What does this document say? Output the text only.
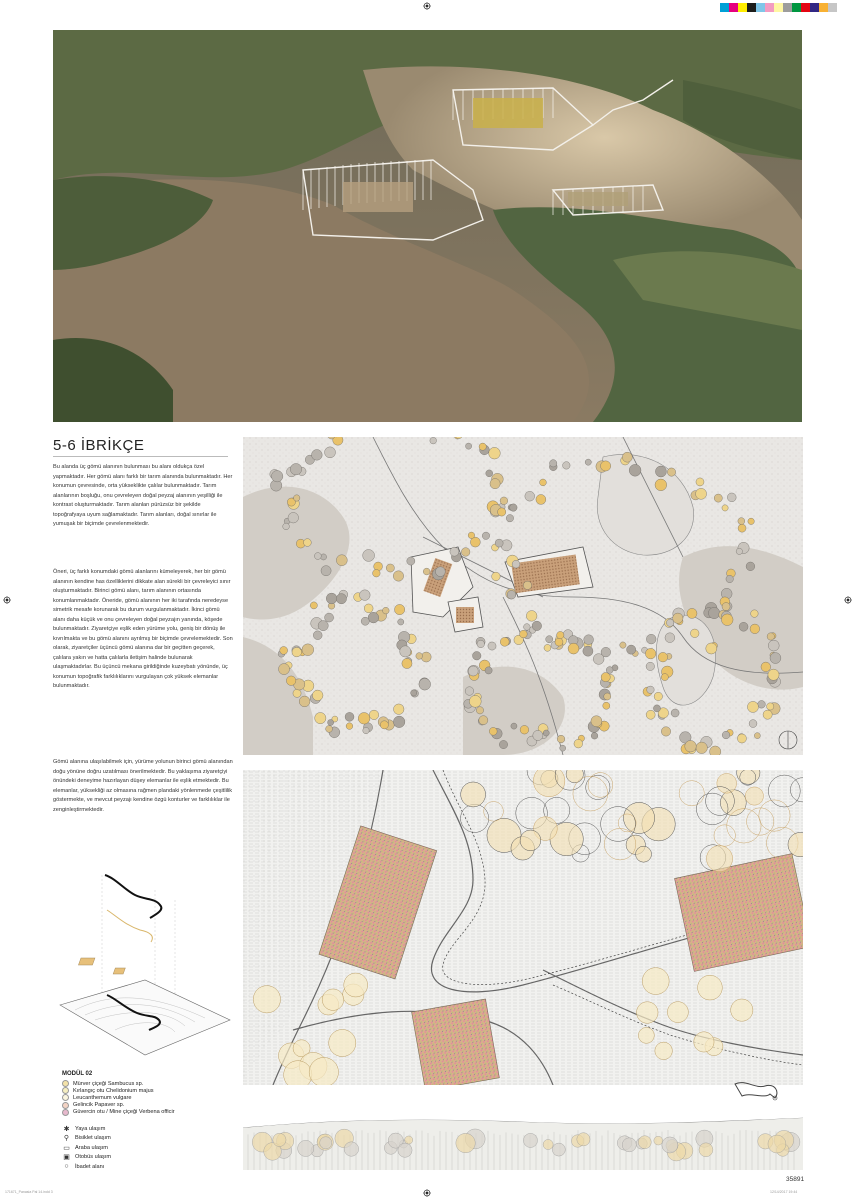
5-6 İBRİKÇE

Bu alanda üç gömü alanının bulunması bu alanı oldukça özel yapmaktadır. Her gömü alanı farklı bir tarım alanında bulunmaktadır. Her konumun çevresinde, orta yükseklikte çalılar bulunmaktadır. Tarım alanlarının boşluğu, onu çevreleyen doğal peyzaj alanının yeşilliği ile kontrast oluşturmaktadır. Tarım alanları pürüzsüz bir şekilde topoğrafyaya uyum sağlamaktadır. Tarım alanları, doğal sınırlar ile yumuşak bir biçimde çevrelenmektedir.

Öneri, üç farklı konumdaki gömü alanlarını kümeleyerek, her bir gömü alanının kendine has özelliklerini dikkate alan sürekli bir çevreleyici sınır oluşturmaktadır. Birinci gömü alanı, tarım alanının ortasında konumlanmaktadır. Öneride, gömü alanının her iki tarafında neredeyse simetrik mesafe korunarak bu durum vurgulanmaktadır. İkinci gömü alanı daha küçük ve onu çevreleyen doğal peyzajın yanında, köşede bulunmaktadır. Ziyaretçiye eşlik eden yürüme yolu, geniş bir dönüş ile kıvrılmakta ve bu gömü alanını ayrılmış bir biçimde çevrelemektedir. Son olarak, ziyaretçiler üçüncü gömü alanına dar bir geçitten geçerek, çalılara yakın ve hatta çalılarla iletişim halinde bulunarak ulaşmaktadırlar. Bu üçüncü mekana girildiğinde kuzeybatı yönünde, üç konumun topoğrafik farklılıklarını vurgulayan çok yüksek elemanlar bulunmaktadır.

Gömü alanına ulaşılabilmek için, yürüme yolunun birinci gömü alanından doğu yönüne doğru uzatılması önerilmektedir. Bu yaklaşıma ziyaretçiyi önündeki deneyime hazırlayan düşey elemanlar ile eşlik etmektedir. Bu elemanlar, yüksekliği az olmasına rağmen plandaki yönlenmede çeşitlilik göstermekte, ve mevcut peyzajı kendine özgü konturler ve farklılıklar ile zenginleştirmektedir.

MODÜL 02
Mürver çiçeği Sambucus sp.
Kırlangıç otu Chelidonium majus
Leucanthemum vulgare
Gelincik Papaver sp.
Güvercin otu / Mine çiçeği Verbena officir
✱ Yaya ulaşım
⚲	Bisiklet ulaşım
▭ Araba ulaşım
▣ Otobüs ulaşım
○	İbadet alanı
35891
171671_Panasia Pal 14.indd 3	12/14/2017 19:44
